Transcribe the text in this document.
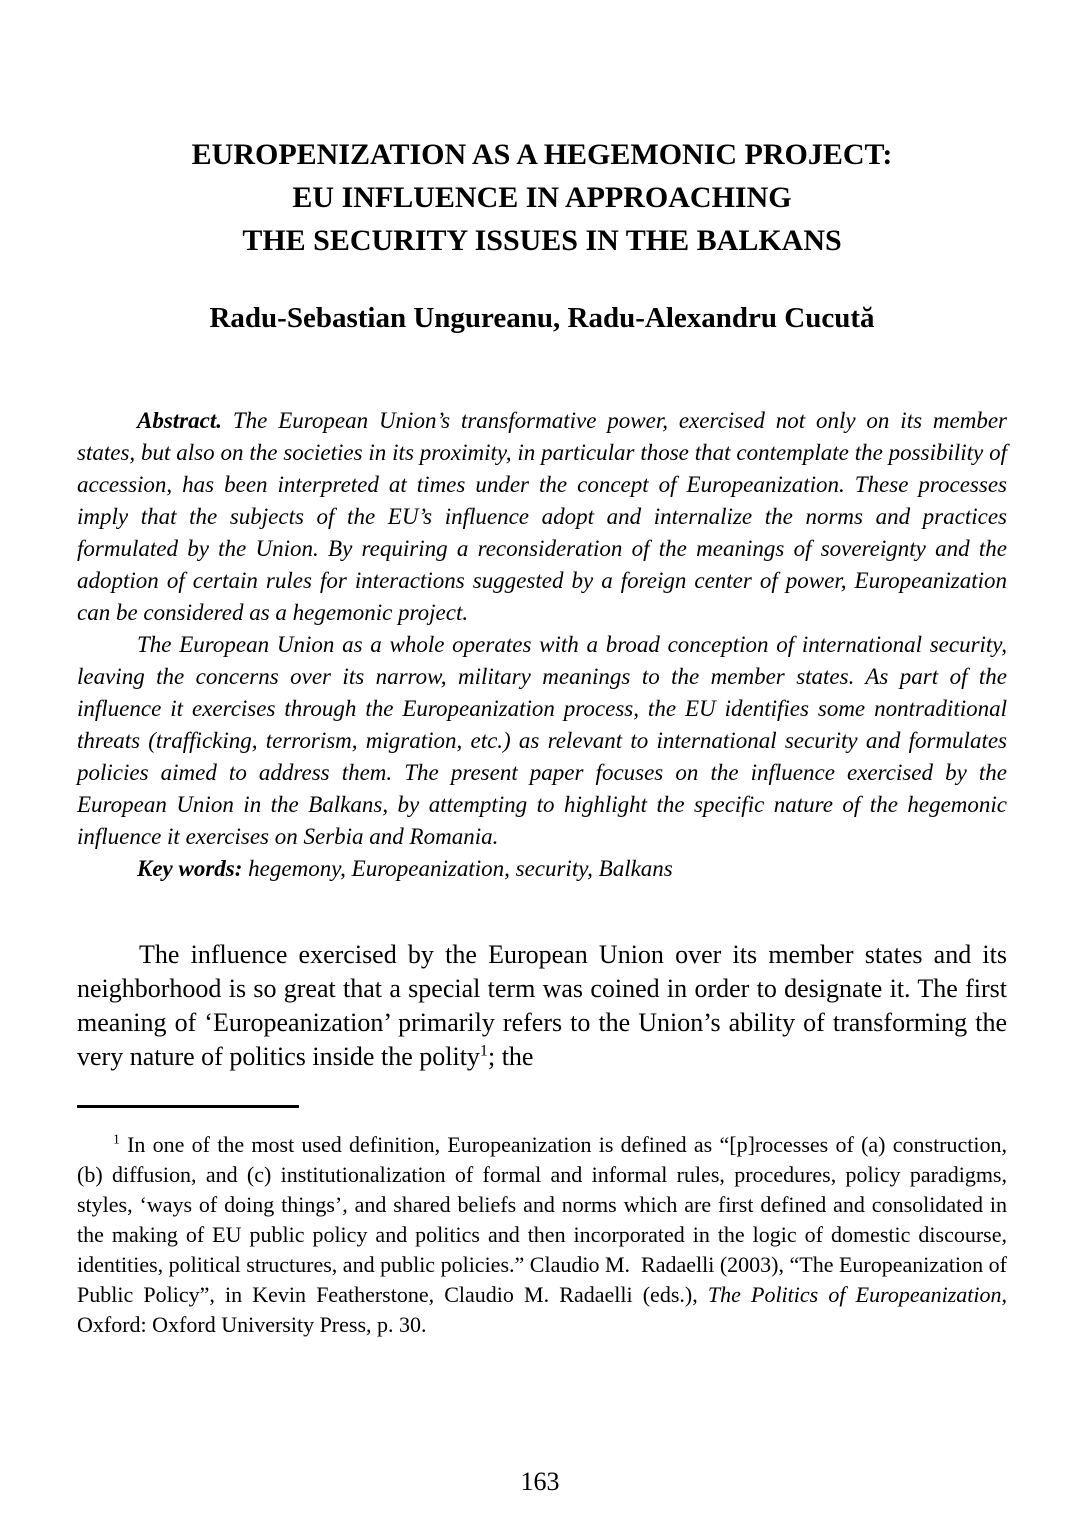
EUROPENIZATION AS A HEGEMONIC PROJECT:
EU INFLUENCE IN APPROACHING
THE SECURITY ISSUES IN THE BALKANS
Radu-Sebastian Ungureanu, Radu-Alexandru Cucută

Abstract. The European Union’s transformative power, exercised not only on its member states, but also on the societies in its proximity, in particular those that contemplate the possibility of accession, has been interpreted at times under the concept of Europeanization. These processes imply that the subjects of the EU’s influence adopt and internalize the norms and practices formulated by the Union. By requiring a reconsideration of the meanings of sovereignty and the adoption of certain rules for interactions suggested by a foreign center of power, Europeanization can be considered as a hegemonic project.

The European Union as a whole operates with a broad conception of international security, leaving the concerns over its narrow, military meanings to the member states. As part of the influence it exercises through the Europeanization process, the EU identifies some nontraditional threats (trafficking, terrorism, migration, etc.) as relevant to international security and formulates policies aimed to address them. The present paper focuses on the influence exercised by the European Union in the Balkans, by attempting to highlight the specific nature of the hegemonic influence it exercises on Serbia and Romania.

Key words: hegemony, Europeanization, security, Balkans

The influence exercised by the European Union over its member states and its neighborhood is so great that a special term was coined in order to designate it. The first meaning of ‘Europeanization’ primarily refers to the Union’s ability of transforming the very nature of politics inside the polity$^1$; the

$^1$ In one of the most used definition, Europeanization is defined as “[p]rocesses of (a) construction, (b) diffusion, and (c) institutionalization of formal and informal rules, procedures, policy paradigms, styles, ‘ways of doing things’, and shared beliefs and norms which are first defined and consolidated in the making of EU public policy and politics and then incorporated in the logic of domestic discourse, identities, political structures, and public policies.” Claudio M.  Radaelli (2003), “The Europeanization of Public Policy”, in Kevin Featherstone, Claudio M. Radaelli (eds.), The Politics of Europeanization, Oxford: Oxford University Press, p. 30.

163
